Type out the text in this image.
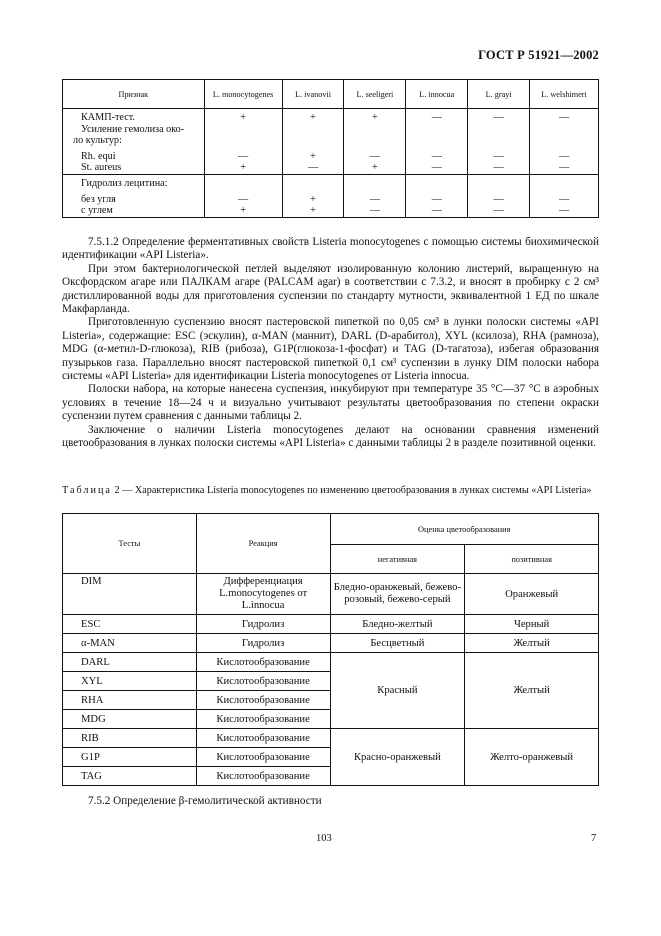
ГОСТ Р 51921—2002
Признак	L. monocytogenes	L. ivanovii	L. seeligeri	L. innocua	L. grayi	L. welshimeri
КАМП-тест.	+	+	+	—	—	—
Усиление гемолиза око-						
ло культур:						
Rh. equi	—	+	—	—	—	—
St. aureus	+	—	+	—	—	—
Гидролиз лецитина:						
без угля	—	+	—	—	—	—
с углем	+	+	—	—	—	—

7.5.1.2 Определение ферментативных свойств Listeria monocytogenes с помощью системы биохимической идентификации «API Listeria».

При этом бактериологической петлей выделяют изолированную колонию листерий, выращенную на Оксфордском агаре или ПАЛКАМ агаре (PALCAM agar) в соответствии с 7.3.2, и вносят в пробирку с 2 см³ дистиллированной воды для приготовления суспензии по стандарту мутности, эквивалентной 1 ЕД по шкале Макфарланда.

Приготовленную суспензию вносят пастеровской пипеткой по 0,05 см³ в лунки полоски системы «API Listeria», содержащие: ESC (эскулин), α-MAN (маннит), DARL (D-арабитол), XYL (ксилоза), RHA (рамноза), MDG (α-метил-D-глюкоза), RIB (рибоза), G1P(глюкоза-1-фосфат) и TAG (D-тагатоза), избегая образования пузырьков газа. Параллельно вносят пастеровской пипеткой 0,1 см³ суспензии в лунку DIM полоски набора системы «API Listeria» для идентификации Listeria monocytogenes от Listeria innocua.

Полоски набора, на которые нанесена суспензия, инкубируют при температуре 35 °C—37 °C в аэробных условиях в течение 18—24 ч и визуально учитывают результаты цветообразования по степени окраски суспензии путем сравнения с данными таблицы 2.

Заключение о наличии Listeria monocytogenes делают на основании сравнения изменений цветообразования в лунках полоски системы «API Listeria» с данными таблицы 2 в разделе позитивной оценки.

Таблица 2 — Характеристика Listeria monocytogenes по изменению цветообразования в лунках системы «API Listeria»
Тесты	Реакция	Оценка цветообразования	
		негативная	позитивная
DIM	Дифференциация L.monocytogenes от L.innocua	Бледно-оранжевый, бежево-розовый, бежево-серый	Оранжевый
ESC	Гидролиз	Бледно-желтый	Черный
α-MAN	Гидролиз	Бесцветный	Желтый
DARL	Кислотообразование	Красный	Желтый
XYL	Кислотообразование		
RHA	Кислотообразование		
MDG	Кислотообразование		
RIB	Кислотообразование	Красно-оранжевый	Желто-оранжевый
G1P	Кислотообразование		
TAG	Кислотообразование		
7.5.2 Определение β-гемолитической активности
103	7
